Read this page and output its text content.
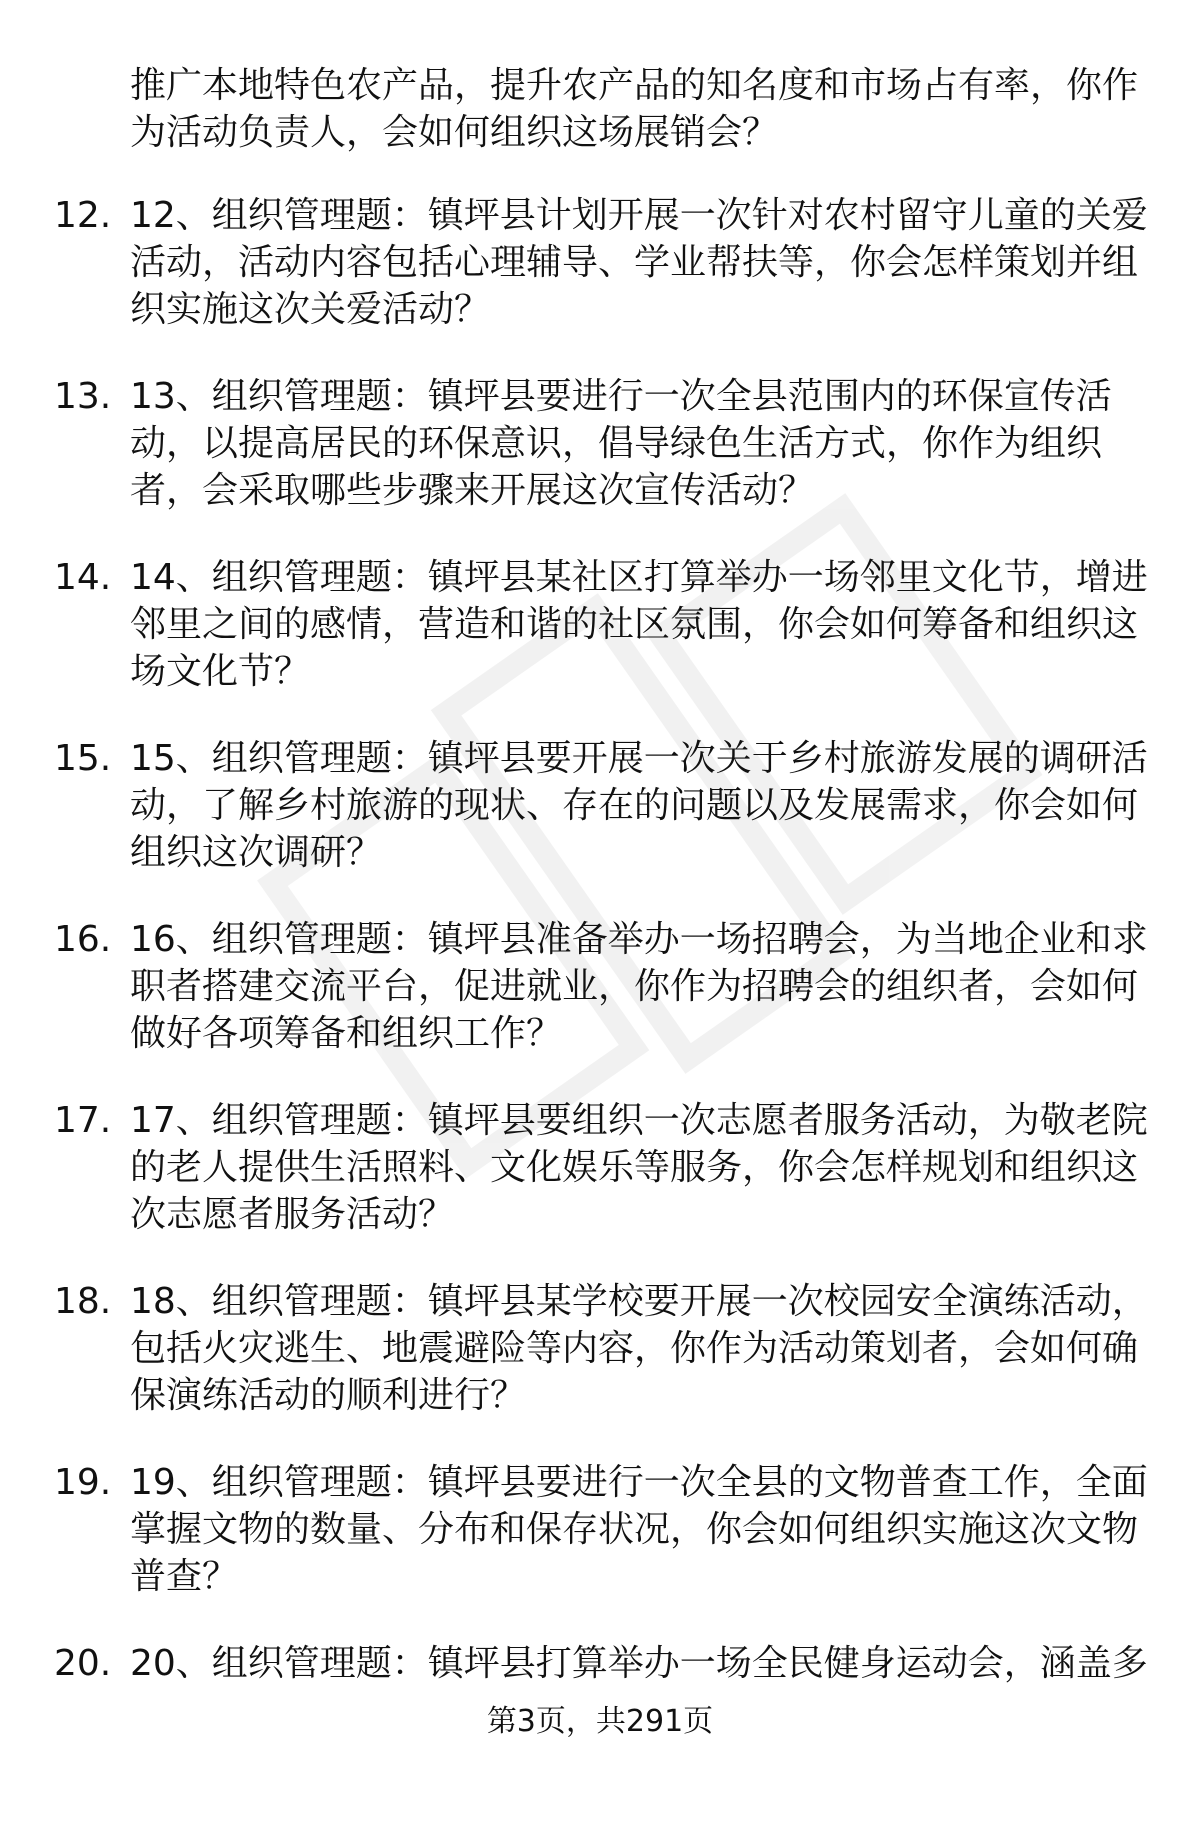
推广本地特色农产品，提升农产品的知名度和市场占有率，你作为活动负责人，会如何组织这场展销会？

12. 12、组织管理题：镇坪县计划开展一次针对农村留守儿童的关爱活动，活动内容包括心理辅导、学业帮扶等，你会怎样策划并组织实施这次关爱活动？

13. 13、组织管理题：镇坪县要进行一次全县范围内的环保宣传活动，以提高居民的环保意识，倡导绿色生活方式，你作为组织者，会采取哪些步骤来开展这次宣传活动？

14. 14、组织管理题：镇坪县某社区打算举办一场邻里文化节，增进邻里之间的感情，营造和谐的社区氛围，你会如何筹备和组织这场文化节？

15. 15、组织管理题：镇坪县要开展一次关于乡村旅游发展的调研活动，了解乡村旅游的现状、存在的问题以及发展需求，你会如何组织这次调研？

16. 16、组织管理题：镇坪县准备举办一场招聘会，为当地企业和求职者搭建交流平台，促进就业，你作为招聘会的组织者，会如何做好各项筹备和组织工作？

17. 17、组织管理题：镇坪县要组织一次志愿者服务活动，为敬老院的老人提供生活照料、文化娱乐等服务，你会怎样规划和组织这次志愿者服务活动？

18. 18、组织管理题：镇坪县某学校要开展一次校园安全演练活动，包括火灾逃生、地震避险等内容，你作为活动策划者，会如何确保演练活动的顺利进行？

19. 19、组织管理题：镇坪县要进行一次全县的文物普查工作，全面掌握文物的数量、分布和保存状况，你会如何组织实施这次文物普查？

20. 20、组织管理题：镇坪县打算举办一场全民健身运动会，涵盖多

第3页，共291页
